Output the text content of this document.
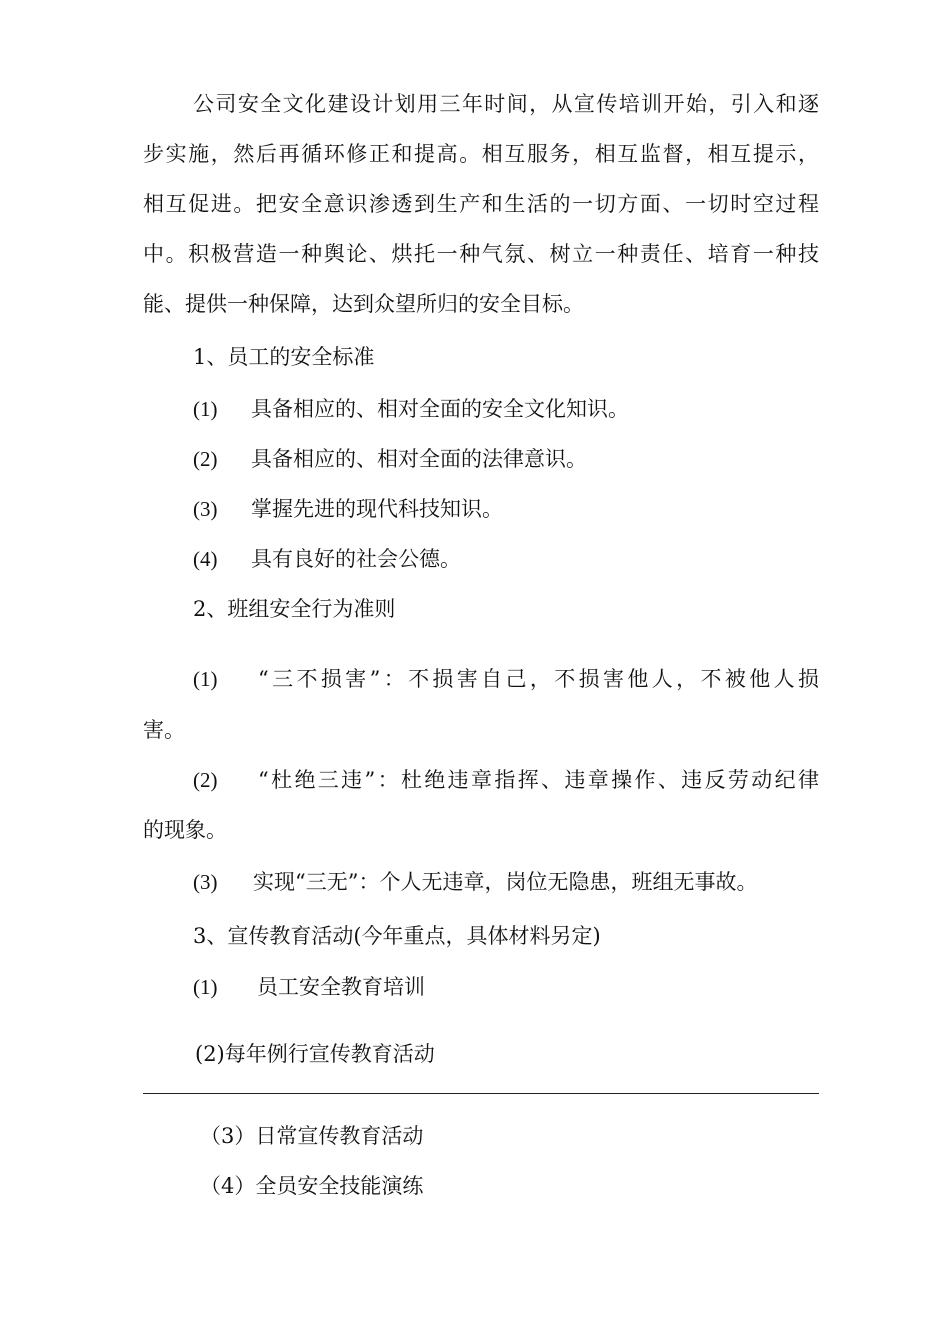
公司安全文化建设计划用三年时间，从宣传培训开始，引入和逐
步实施，然后再循环修正和提高。相互服务，相互监督，相互提示，
相互促进。把安全意识渗透到生产和生活的一切方面、一切时空过程
中。积极营造一种舆论、烘托一种气氛、树立一种责任、培育一种技
能、提供一种保障，达到众望所归的安全目标。
1、员工的安全标准
(1) 具备相应的、相对全面的安全文化知识。
(2) 具备相应的、相对全面的法律意识。
(3) 掌握先进的现代科技知识。
(4) 具有良好的社会公德。
2、班组安全行为准则
(1) “三不损害”：不损害自己，不损害他人，不被他人损
害。
(2) “杜绝三违”：杜绝违章指挥、违章操作、违反劳动纪律
的现象。
(3) 实现“三无”：个人无违章，岗位无隐患，班组无事故。
3、宣传教育活动(今年重点，具体材料另定)
(1) 员工安全教育培训
(2)每年例行宣传教育活动
（3）日常宣传教育活动
（4）全员安全技能演练
